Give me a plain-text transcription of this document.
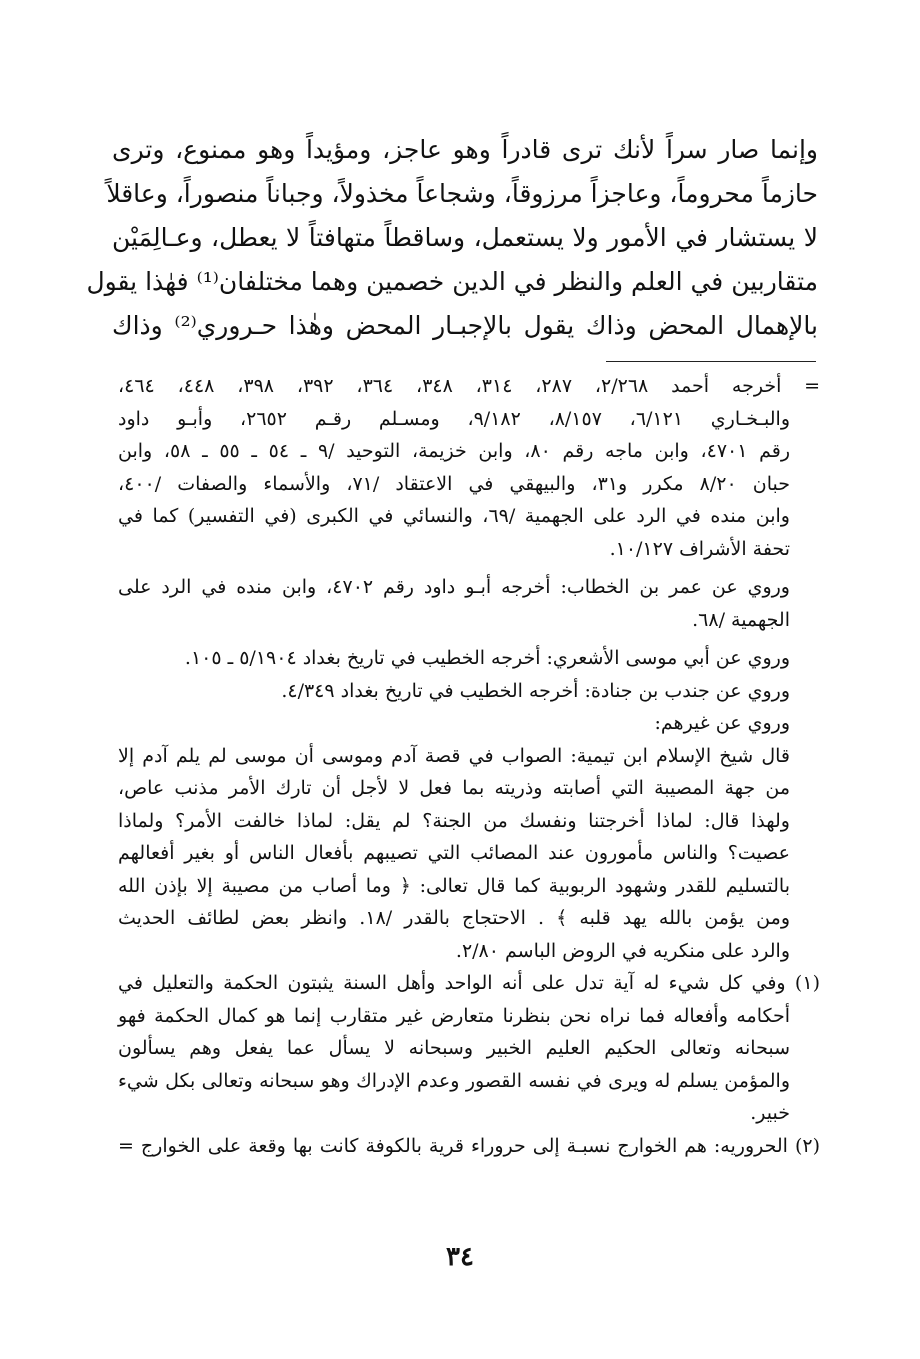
وإنما صار سراً لأنك ترى قادراً وهو عاجز، ومؤيداً وهو ممنوع، وترى
حازماً محروماً، وعاجزاً مرزوقاً، وشجاعاً مخذولاً، وجباناً منصوراً، وعاقلاً
لا يستشار في الأمور ولا يستعمل، وساقطاً متهافتاً لا يعطل، وعـالِمَيْن
متقاربين في العلم والنظر في الدين خصمين وهما مختلفان⁽¹⁾ فهٰذا يقول
بالإهمال المحض وذاك يقول بالإجبـار المحض وهٰذا حـروري⁽²⁾ وذاك
= أخرجه أحمد ٢/٢٦٨، ٢٨٧، ٣١٤، ٣٤٨، ٣٦٤، ٣٩٢، ٣٩٨، ٤٤٨، ٤٦٤،
والبـخـاري ٦/١٢١، ٨/١٥٧، ٩/١٨٢، ومسـلم رقـم ٢٦٥٢، وأبـو داود
رقم ٤٧٠١، وابن ماجه رقم ٨٠، وابن خزيمة، التوحيد /٩ ـ ٥٤ ـ ٥٥ ـ ٥٨، وابن
حبان ٨/٢٠ مكرر و٣١، والبيهقي في الاعتقاد /٧١، والأسماء والصفات /٤٠٠،
وابن منده في الرد على الجهمية /٦٩، والنسائي في الكبرى (في التفسير) كما في
تحفة الأشراف ١٠/١٢٧.
وروي عن عمر بن الخطاب: أخرجه أبـو داود رقم ٤٧٠٢، وابن منده في الرد على
الجهمية /٦٨.
وروي عن أبي موسى الأشعري: أخرجه الخطيب في تاريخ بغداد ٥/١٩٠٤ ـ ١٠٥.
وروي عن جندب بن جنادة: أخرجه الخطيب في تاريخ بغداد ٤/٣٤٩.
وروي عن غيرهم:
قال شيخ الإسلام ابن تيمية: الصواب في قصة آدم وموسى أن موسى لم يلم آدم إلا
من جهة المصيبة التي أصابته وذريته بما فعل لا لأجل أن تارك الأمر مذنب عاص،
ولهذا قال: لماذا أخرجتنا ونفسك من الجنة؟ لم يقل: لماذا خالفت الأمر؟ ولماذا
عصيت؟ والناس مأمورون عند المصائب التي تصيبهم بأفعال الناس أو بغير أفعالهم
بالتسليم للقدر وشهود الربوبية كما قال تعالى: ﴿ وما أصاب من مصيبة إلا بإذن الله
ومن يؤمن بالله يهد قلبه ﴾ . الاحتجاج بالقدر /١٨. وانظر بعض لطائف الحديث
والرد على منكريه في الروض الباسم ٢/٨٠.
(١) وفي كل شيء له آية تدل على أنه الواحد وأهل السنة يثبتون الحكمة والتعليل في
أحكامه وأفعاله فما نراه نحن بنظرنا متعارض غير متقارب إنما هو كمال الحكمة فهو
سبحانه وتعالى الحكيم العليم الخبير وسبحانه لا يسأل عما يفعل وهم يسألون
والمؤمن يسلم له ويرى في نفسه القصور وعدم الإدراك وهو سبحانه وتعالى بكل شيء
خبير.
(٢) الحروريه: هم الخوارج نسبـة إلى حروراء قرية بالكوفة كانت بها وقعة على الخوارج =
٣٤
